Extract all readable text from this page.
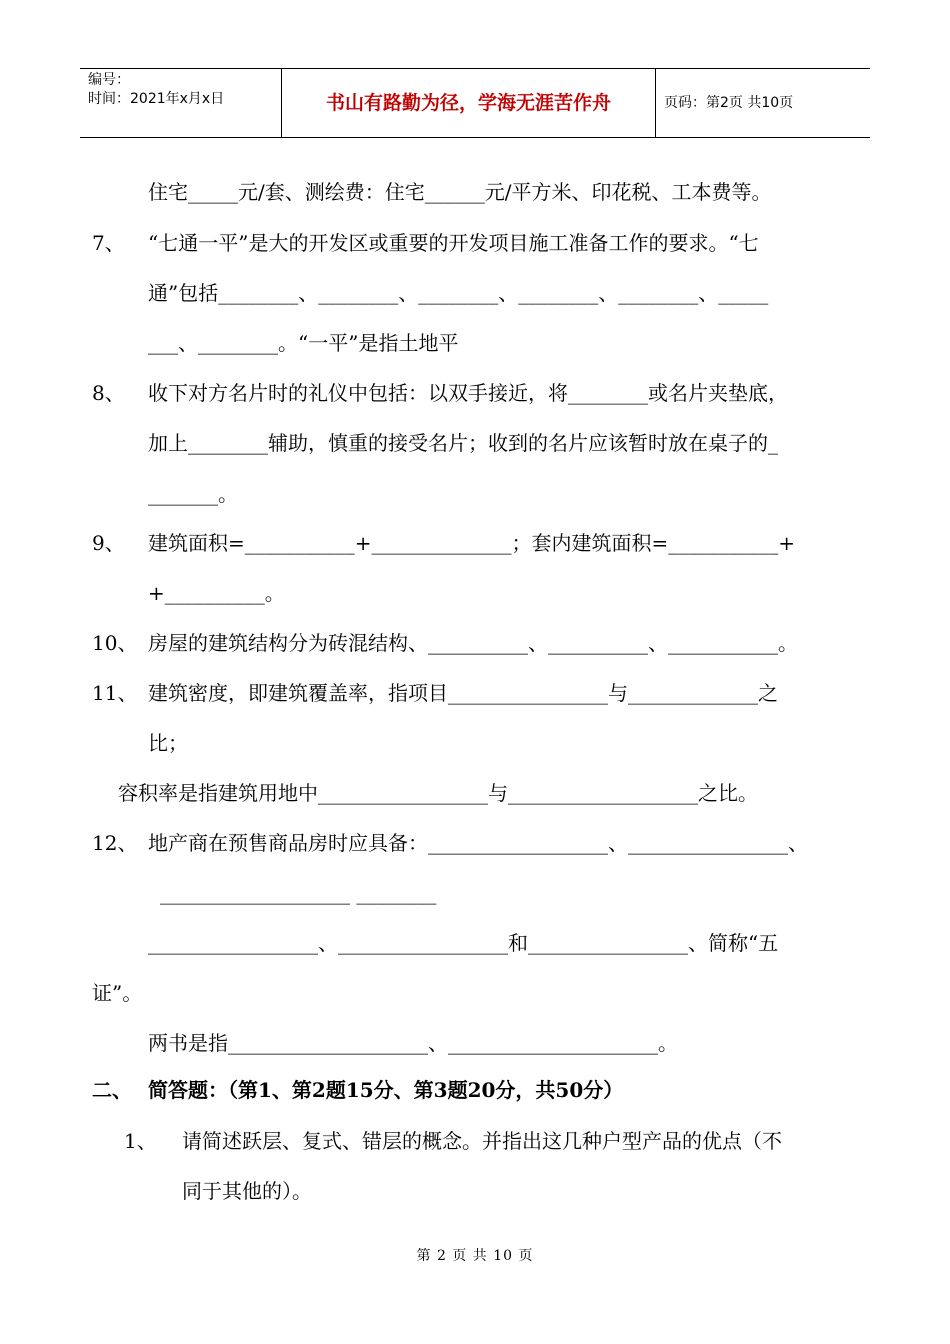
编号：
时间：2021年x月x日	书山有路勤为径，学海无涯苦作舟	页码：第2页 共10页
住宅_____元/套、测绘费：住宅______元/平方米、印花税、工本费等。
7、 “七通一平”是大的开发区或重要的开发项目施工准备工作的要求。“七
通”包括________、________、________、________、________、_____
___、________。“一平”是指土地平
8、 收下对方名片时的礼仪中包括：以双手接近，将________或名片夹垫底，
加上________辅助，慎重的接受名片；收到的名片应该暂时放在桌子的_
_______。
9、 建筑面积=___________+______________；套内建筑面积=___________+
+__________。
10、 房屋的建筑结构分为砖混结构、__________、__________、___________。
11、 建筑密度，即建筑覆盖率，指项目________________与_____________之
比；
容积率是指建筑用地中_________________与___________________之比。
12、 地产商在预售商品房时应具备：__________________、________________、
___________________ ________
_________________、_________________和________________、简称“五
证”。
两书是指____________________、_____________________。
二、 简答题：（第1、第2题15分、第3题20分，共50分）
1、 请简述跃层、复式、错层的概念。并指出这几种户型产品的优点（不
同于其他的）。
第 2 页 共 10 页
